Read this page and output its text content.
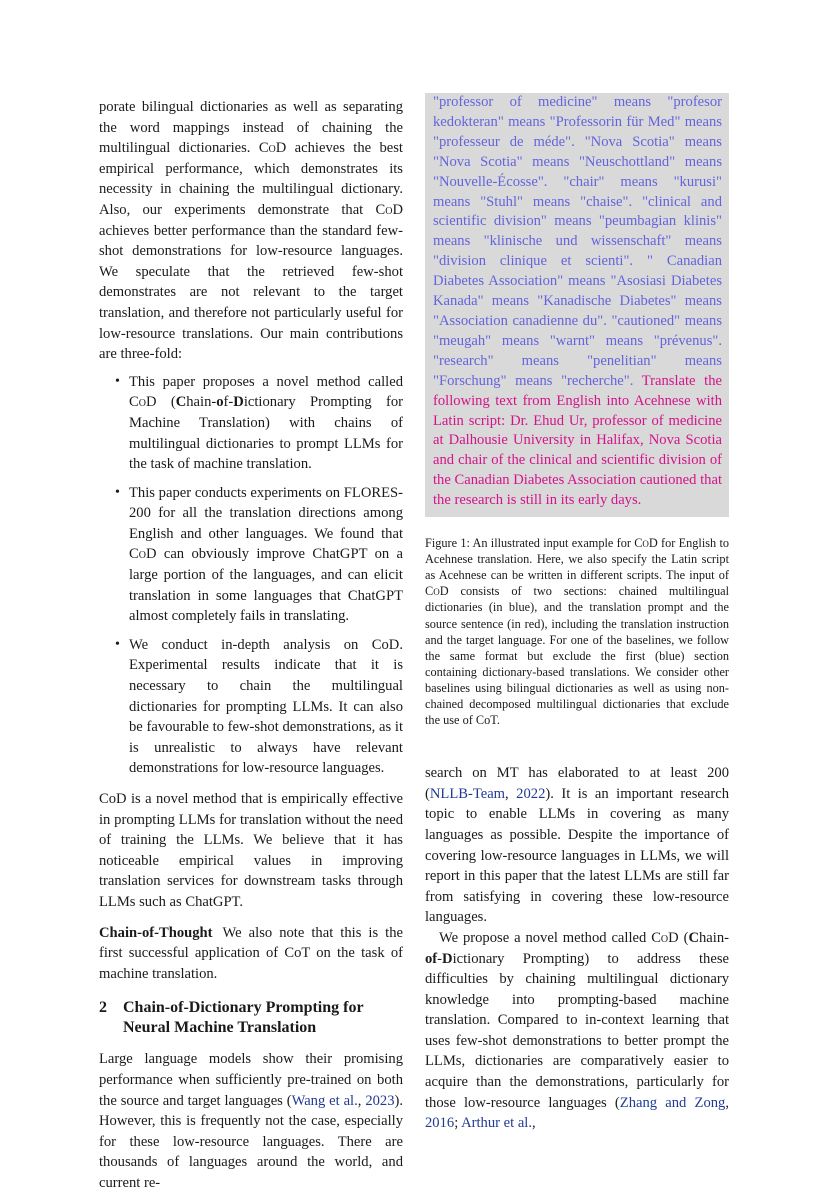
porate bilingual dictionaries as well as separating the word mappings instead of chaining the multilingual dictionaries. CoD achieves the best empirical performance, which demonstrates its necessity in chaining the multilingual dictionary. Also, our experiments demonstrate that CoD achieves better performance than the standard few-shot demonstrations for low-resource languages. We speculate that the retrieved few-shot demonstrates are not relevant to the target translation, and therefore not particularly useful for low-resource translations. Our main contributions are three-fold:

• This paper proposes a novel method called CoD (Chain-of-Dictionary Prompting for Machine Translation) with chains of multilingual dictionaries to prompt LLMs for the task of machine translation.

• This paper conducts experiments on FLORES-200 for all the translation directions among English and other languages. We found that CoD can obviously improve ChatGPT on a large portion of the languages, and can elicit translation in some languages that ChatGPT almost completely fails in translating.

• We conduct in-depth analysis on CoD. Experimental results indicate that it is necessary to chain the multilingual dictionaries for prompting LLMs. It can also be favourable to few-shot demonstrations, as it is unrealistic to always have relevant demonstrations for low-resource languages.

CoD is a novel method that is empirically effective in prompting LLMs for translation without the need of training the LLMs. We believe that it has noticeable empirical values in improving translation services for downstream tasks through LLMs such as ChatGPT.

Chain-of-Thought We also note that this is the first successful application of CoT on the task of machine translation.

2	Chain-of-Dictionary Prompting for Neural Machine Translation

Large language models show their promising performance when sufficiently pre-trained on both the source and target languages (Wang et al., 2023). However, this is frequently not the case, especially for these low-resource languages. There are thousands of languages around the world, and current re-

"professor of medicine" means "profesor kedokteran" means "Professorin für Med" means "professeur de méde". "Nova Scotia" means "Nova Scotia" means "Neuschottland" means "Nouvelle-Écosse". "chair" means "kurusi" means "Stuhl" means "chaise". "clinical and scientific division" means "peumbagian klinis" means "klinische und wissenschaft" means "division clinique et scienti". " Canadian Diabetes Association" means "Asosiasi Diabetes Kanada" means "Kanadische Diabetes" means "Association canadienne du". "cautioned" means "meugah" means "warnt" means "prévenus". "research" means "penelitian" means "Forschung" means "recherche". Translate the following text from English into Acehnese with Latin script: Dr. Ehud Ur, professor of medicine at Dalhousie University in Halifax, Nova Scotia and chair of the clinical and scientific division of the Canadian Diabetes Association cautioned that the research is still in its early days.

Figure 1: An illustrated input example for CoD for English to Acehnese translation. Here, we also specify the Latin script as Acehnese can be written in different scripts. The input of CoD consists of two sections: chained multilingual dictionaries (in blue), and the translation prompt and the source sentence (in red), including the translation instruction and the target language. For one of the baselines, we follow the same format but exclude the first (blue) section containing dictionary-based translations. We consider other baselines using bilingual dictionaries as well as using non-chained decomposed multilingual dictionaries that exclude the use of CoT.

search on MT has elaborated to at least 200 (NLLB-Team, 2022). It is an important research topic to enable LLMs in covering as many languages as possible. Despite the importance of covering low-resource languages in LLMs, we will report in this paper that the latest LLMs are still far from satisfying in covering these low-resource languages.

We propose a novel method called CoD (Chain-of-Dictionary Prompting) to address these difficulties by chaining multilingual dictionary knowledge into prompting-based machine translation. Compared to in-context learning that uses few-shot demonstrations to better prompt the LLMs, dictionaries are comparatively easier to acquire than the demonstrations, particularly for those low-resource languages (Zhang and Zong, 2016; Arthur et al.,
